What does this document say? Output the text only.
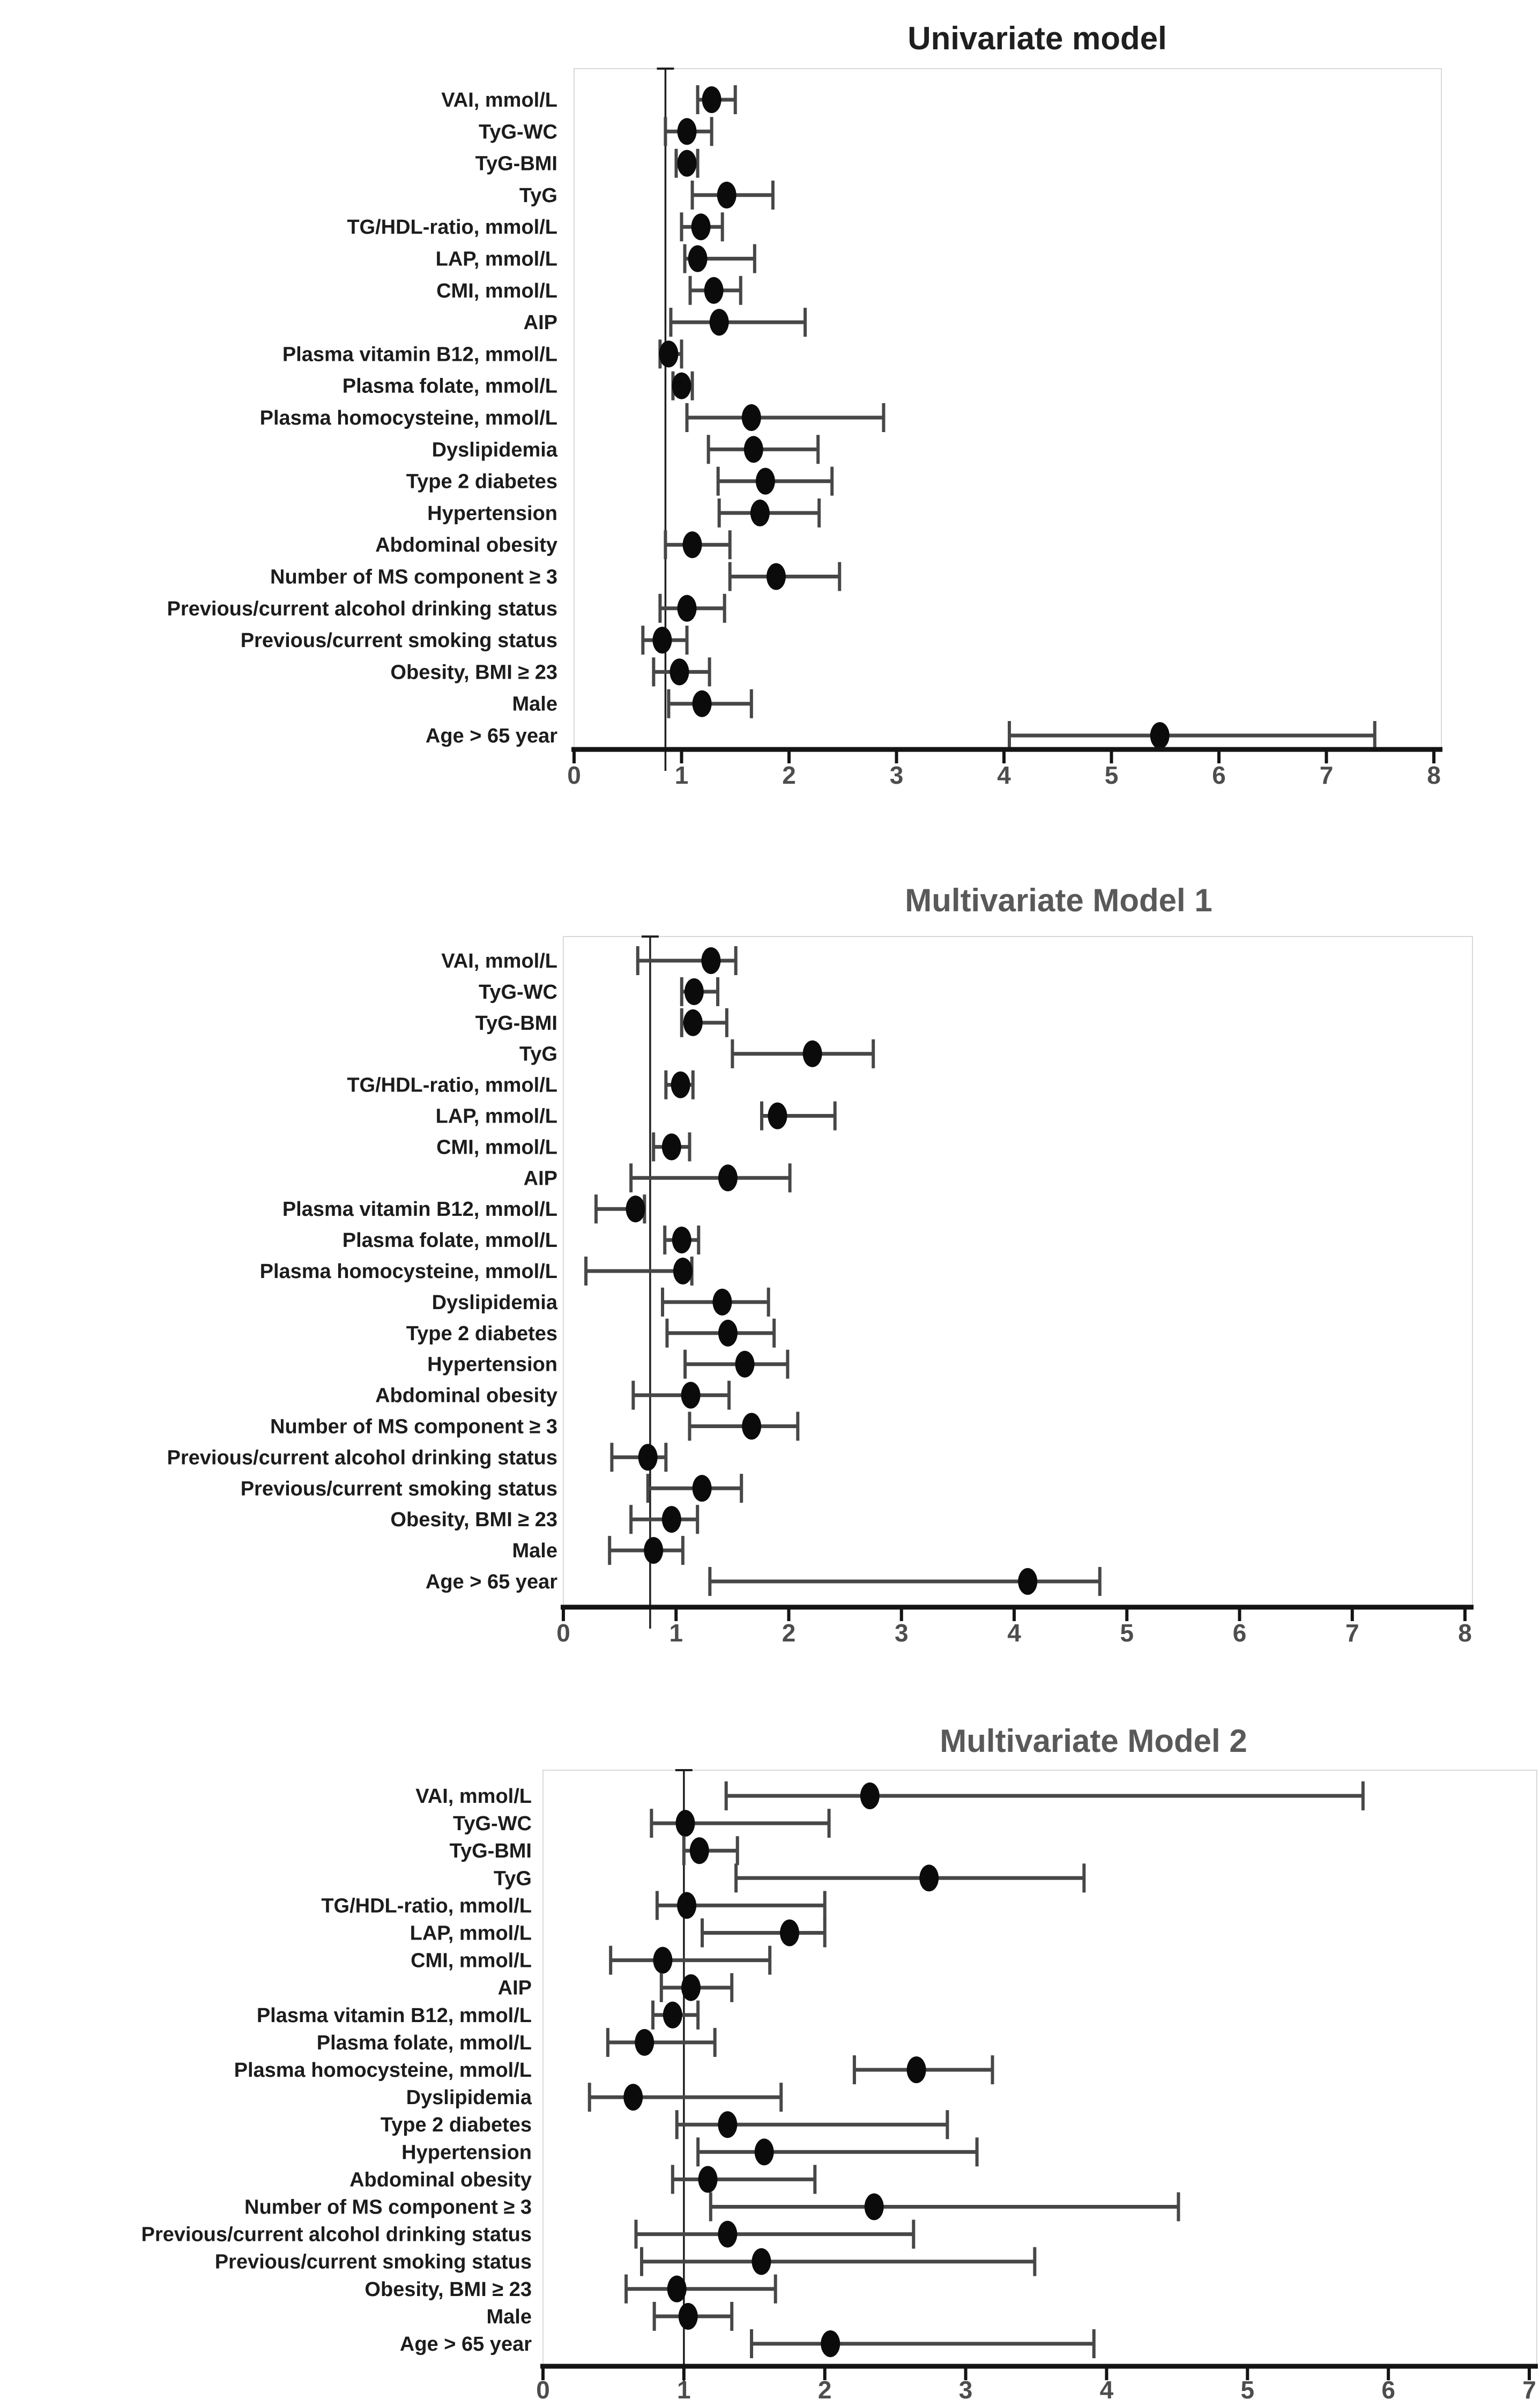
Univariate model
VAI, mmol/L
TyG-WC
TyG-BMI
TyG
TG/HDL-ratio, mmol/L
LAP, mmol/L
CMI, mmol/L
AIP
Plasma vitamin B12, mmol/L
Plasma folate, mmol/L
Plasma homocysteine, mmol/L
Dyslipidemia
Type 2 diabetes
Hypertension
Abdominal obesity
Number of MS component ≥ 3
Previous/current alcohol drinking status
Previous/current smoking status
Obesity, BMI ≥ 23
Male
Age > 65 year
0	1	2	3	4	5	6	7	8
Multivariate Model 1
VAI, mmol/L
TyG-WC
TyG-BMI
TyG
TG/HDL-ratio, mmol/L
LAP, mmol/L
CMI, mmol/L
AIP
Plasma vitamin B12, mmol/L
Plasma folate, mmol/L
Plasma homocysteine, mmol/L
Dyslipidemia
Type 2 diabetes
Hypertension
Abdominal obesity
Number of MS component ≥ 3
Previous/current alcohol drinking status
Previous/current smoking status
Obesity, BMI ≥ 23
Male
Age > 65 year
0	1	2	3	4	5	6	7	8
Multivariate Model 2
VAI, mmol/L
TyG-WC
TyG-BMI
TyG
TG/HDL-ratio, mmol/L
LAP, mmol/L
CMI, mmol/L
AIP
Plasma vitamin B12, mmol/L
Plasma folate, mmol/L
Plasma homocysteine, mmol/L
Dyslipidemia
Type 2 diabetes
Hypertension
Abdominal obesity
Number of MS component ≥ 3
Previous/current alcohol drinking status
Previous/current smoking status
Obesity, BMI ≥ 23
Male
Age > 65 year
0	1	2	3	4	5	6	7
